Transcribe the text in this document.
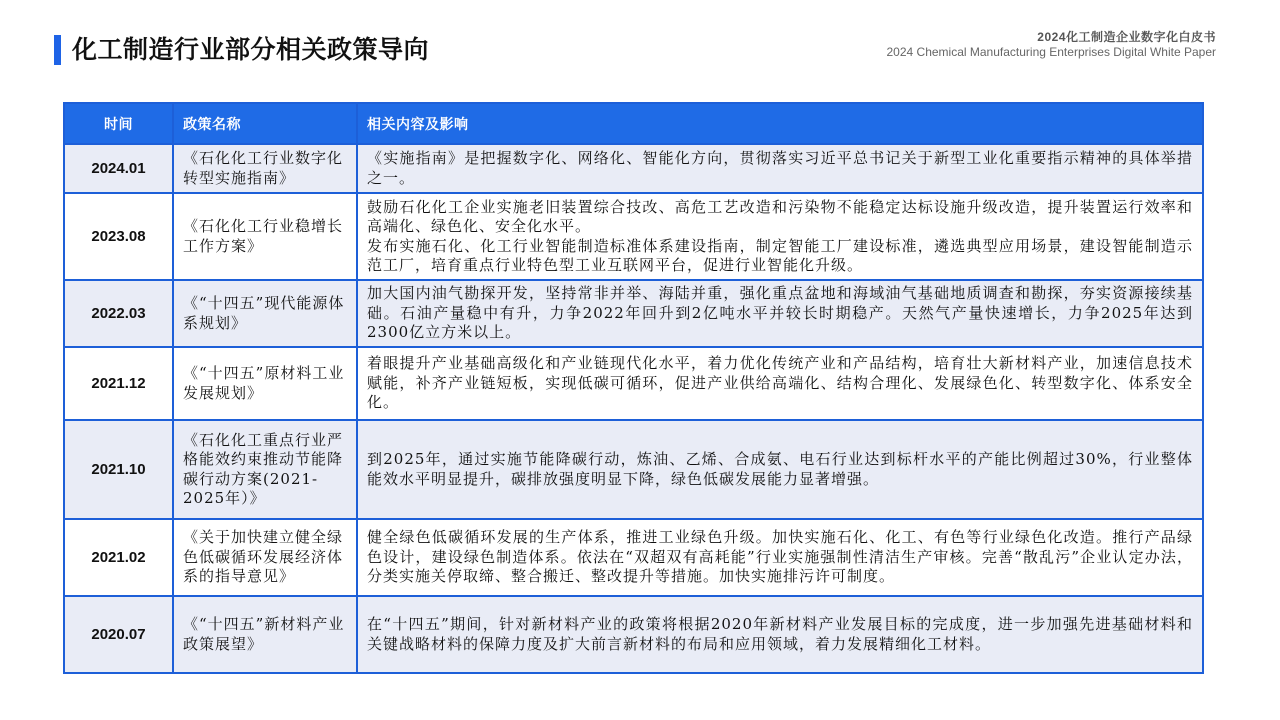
化工制造行业部分相关政策导向	2024化工制造企业数字化白皮书
2024 Chemical Manufacturing Enterprises Digital White Paper
时间	政策名称	相关内容及影响
2024.01	《石化化工行业数字化转型实施指南》	《实施指南》是把握数字化、网络化、智能化方向，贯彻落实习近平总书记关于新型工业化重要指示精神的具体举措之一。

2023.08	《石化化工行业稳增长工作方案》	鼓励石化化工企业实施老旧装置综合技改、高危工艺改造和污染物不能稳定达标设施升级改造，提升装置运行效率和高端化、绿色化、安全化水平。

发布实施石化、化工行业智能制造标准体系建设指南，制定智能工厂建设标准，遴选典型应用场景，建设智能制造示范工厂，培育重点行业特色型工业互联网平台，促进行业智能化升级。

2022.03	《“十四五”现代能源体系规划》	加大国内油气勘探开发，坚持常非并举、海陆并重，强化重点盆地和海域油气基础地质调查和勘探，夯实资源接续基础。石油产量稳中有升，力争2022年回升到2亿吨水平并较长时期稳产。天然气产量快速增长，力争2025年达到2300亿立方米以上。

2021.12	《“十四五”原材料工业发展规划》	着眼提升产业基础高级化和产业链现代化水平，着力优化传统产业和产品结构，培育壮大新材料产业，加速信息技术赋能，补齐产业链短板，实现低碳可循环，促进产业供给高端化、结构合理化、发展绿色化、转型数字化、体系安全化。

2021.10	《石化化工重点行业严格能效约束推动节能降碳行动方案(2021-2025年）》	到2025年，通过实施节能降碳行动，炼油、乙烯、合成氨、电石行业达到标杆水平的产能比例超过30%，行业整体能效水平明显提升，碳排放强度明显下降，绿色低碳发展能力显著增强。

2021.02	《关于加快建立健全绿色低碳循环发展经济体系的指导意见》	健全绿色低碳循环发展的生产体系，推进工业绿色升级。加快实施石化、化工、有色等行业绿色化改造。推行产品绿色设计，建设绿色制造体系。依法在“双超双有高耗能”行业实施强制性清洁生产审核。完善“散乱污”企业认定办法，分类实施关停取缔、整合搬迁、整改提升等措施。加快实施排污许可制度。

2020.07	《“十四五”新材料产业政策展望》	在“十四五”期间，针对新材料产业的政策将根据2020年新材料产业发展目标的完成度，进一步加强先进基础材料和关键战略材料的保障力度及扩大前言新材料的布局和应用领域，着力发展精细化工材料。
